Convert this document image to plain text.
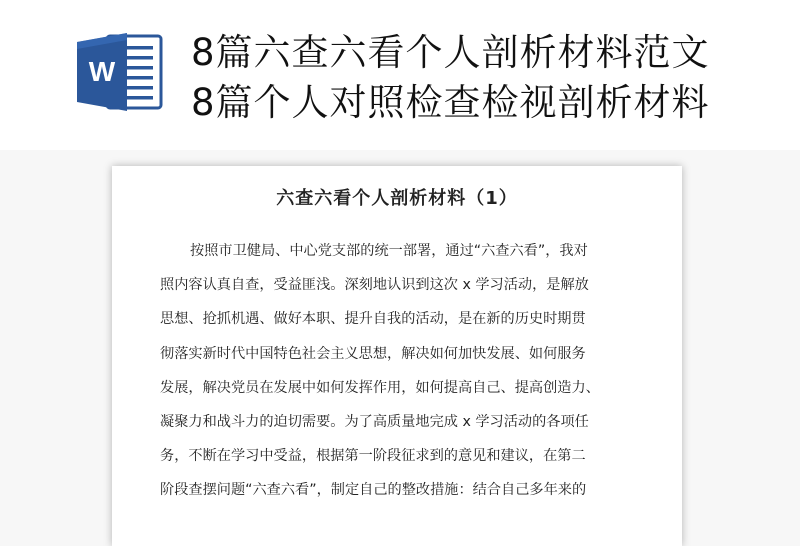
W 8篇六查六看个人剖析材料范文
8篇个人对照检查检视剖析材料
六查六看个人剖析材料（1）
按照市卫健局、中心党支部的统一部署，通过“六查六看”，我对
照内容认真自查，受益匪浅。深刻地认识到这次 x 学习活动，是解放
思想、抢抓机遇、做好本职、提升自我的活动，是在新的历史时期贯
彻落实新时代中国特色社会主义思想，解决如何加快发展、如何服务
发展，解决党员在发展中如何发挥作用，如何提高自己、提高创造力、
凝聚力和战斗力的迫切需要。为了高质量地完成 x 学习活动的各项任
务，不断在学习中受益，根据第一阶段征求到的意见和建议，在第二
阶段查摆问题“六查六看”，制定自己的整改措施：结合自己多年来的
